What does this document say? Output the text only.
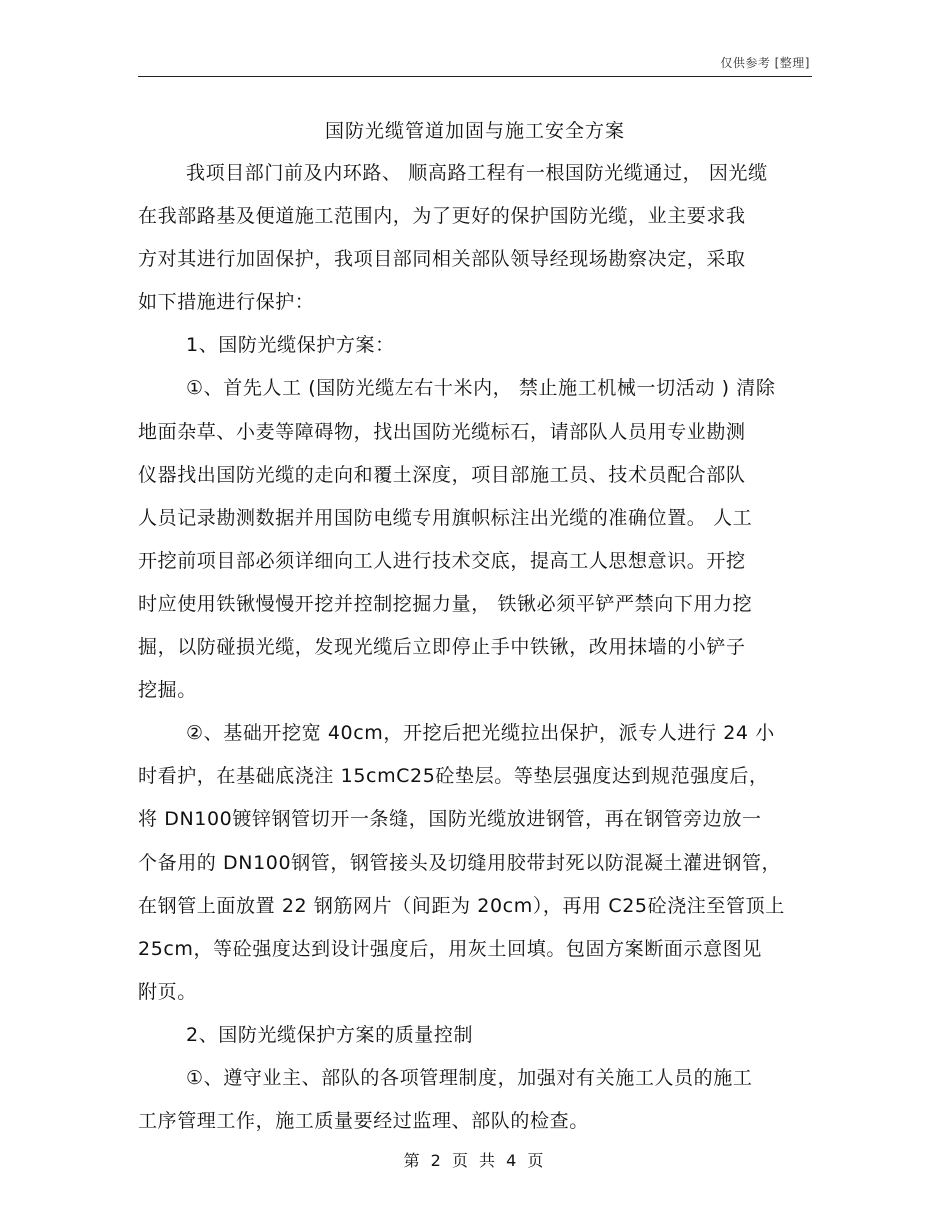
仅供参考 [整理]
国防光缆管道加固与施工安全方案
我项目部门前及内环路、 顺高路工程有一根国防光缆通过， 因光缆
在我部路基及便道施工范围内，为了更好的保护国防光缆，业主要求我
方对其进行加固保护，我项目部同相关部队领导经现场勘察决定，采取
如下措施进行保护：
1、国防光缆保护方案：
①、首先人工 (国防光缆左右十米内， 禁止施工机械一切活动 ) 清除
地面杂草、小麦等障碍物，找出国防光缆标石，请部队人员用专业勘测
仪器找出国防光缆的走向和覆土深度，项目部施工员、技术员配合部队
人员记录勘测数据并用国防电缆专用旗帜标注出光缆的准确位置。 人工
开挖前项目部必须详细向工人进行技术交底，提高工人思想意识。开挖
时应使用铁锹慢慢开挖并控制挖掘力量， 铁锹必须平铲严禁向下用力挖
掘，以防碰损光缆，发现光缆后立即停止手中铁锹，改用抹墙的小铲子
挖掘。
②、基础开挖宽 40cm，开挖后把光缆拉出保护，派专人进行 24 小
时看护，在基础底浇注 15cmC25砼垫层。等垫层强度达到规范强度后，
将 DN100镀锌钢管切开一条缝，国防光缆放进钢管，再在钢管旁边放一
个备用的 DN100钢管，钢管接头及切缝用胶带封死以防混凝土灌进钢管，
在钢管上面放置 22 钢筋网片（间距为 20cm），再用 C25砼浇注至管顶上
25cm，等砼强度达到设计强度后，用灰土回填。包固方案断面示意图见
附页。
2、国防光缆保护方案的质量控制
①、遵守业主、部队的各项管理制度，加强对有关施工人员的施工
工序管理工作，施工质量要经过监理、部队的检查。
第 2 页 共 4 页
